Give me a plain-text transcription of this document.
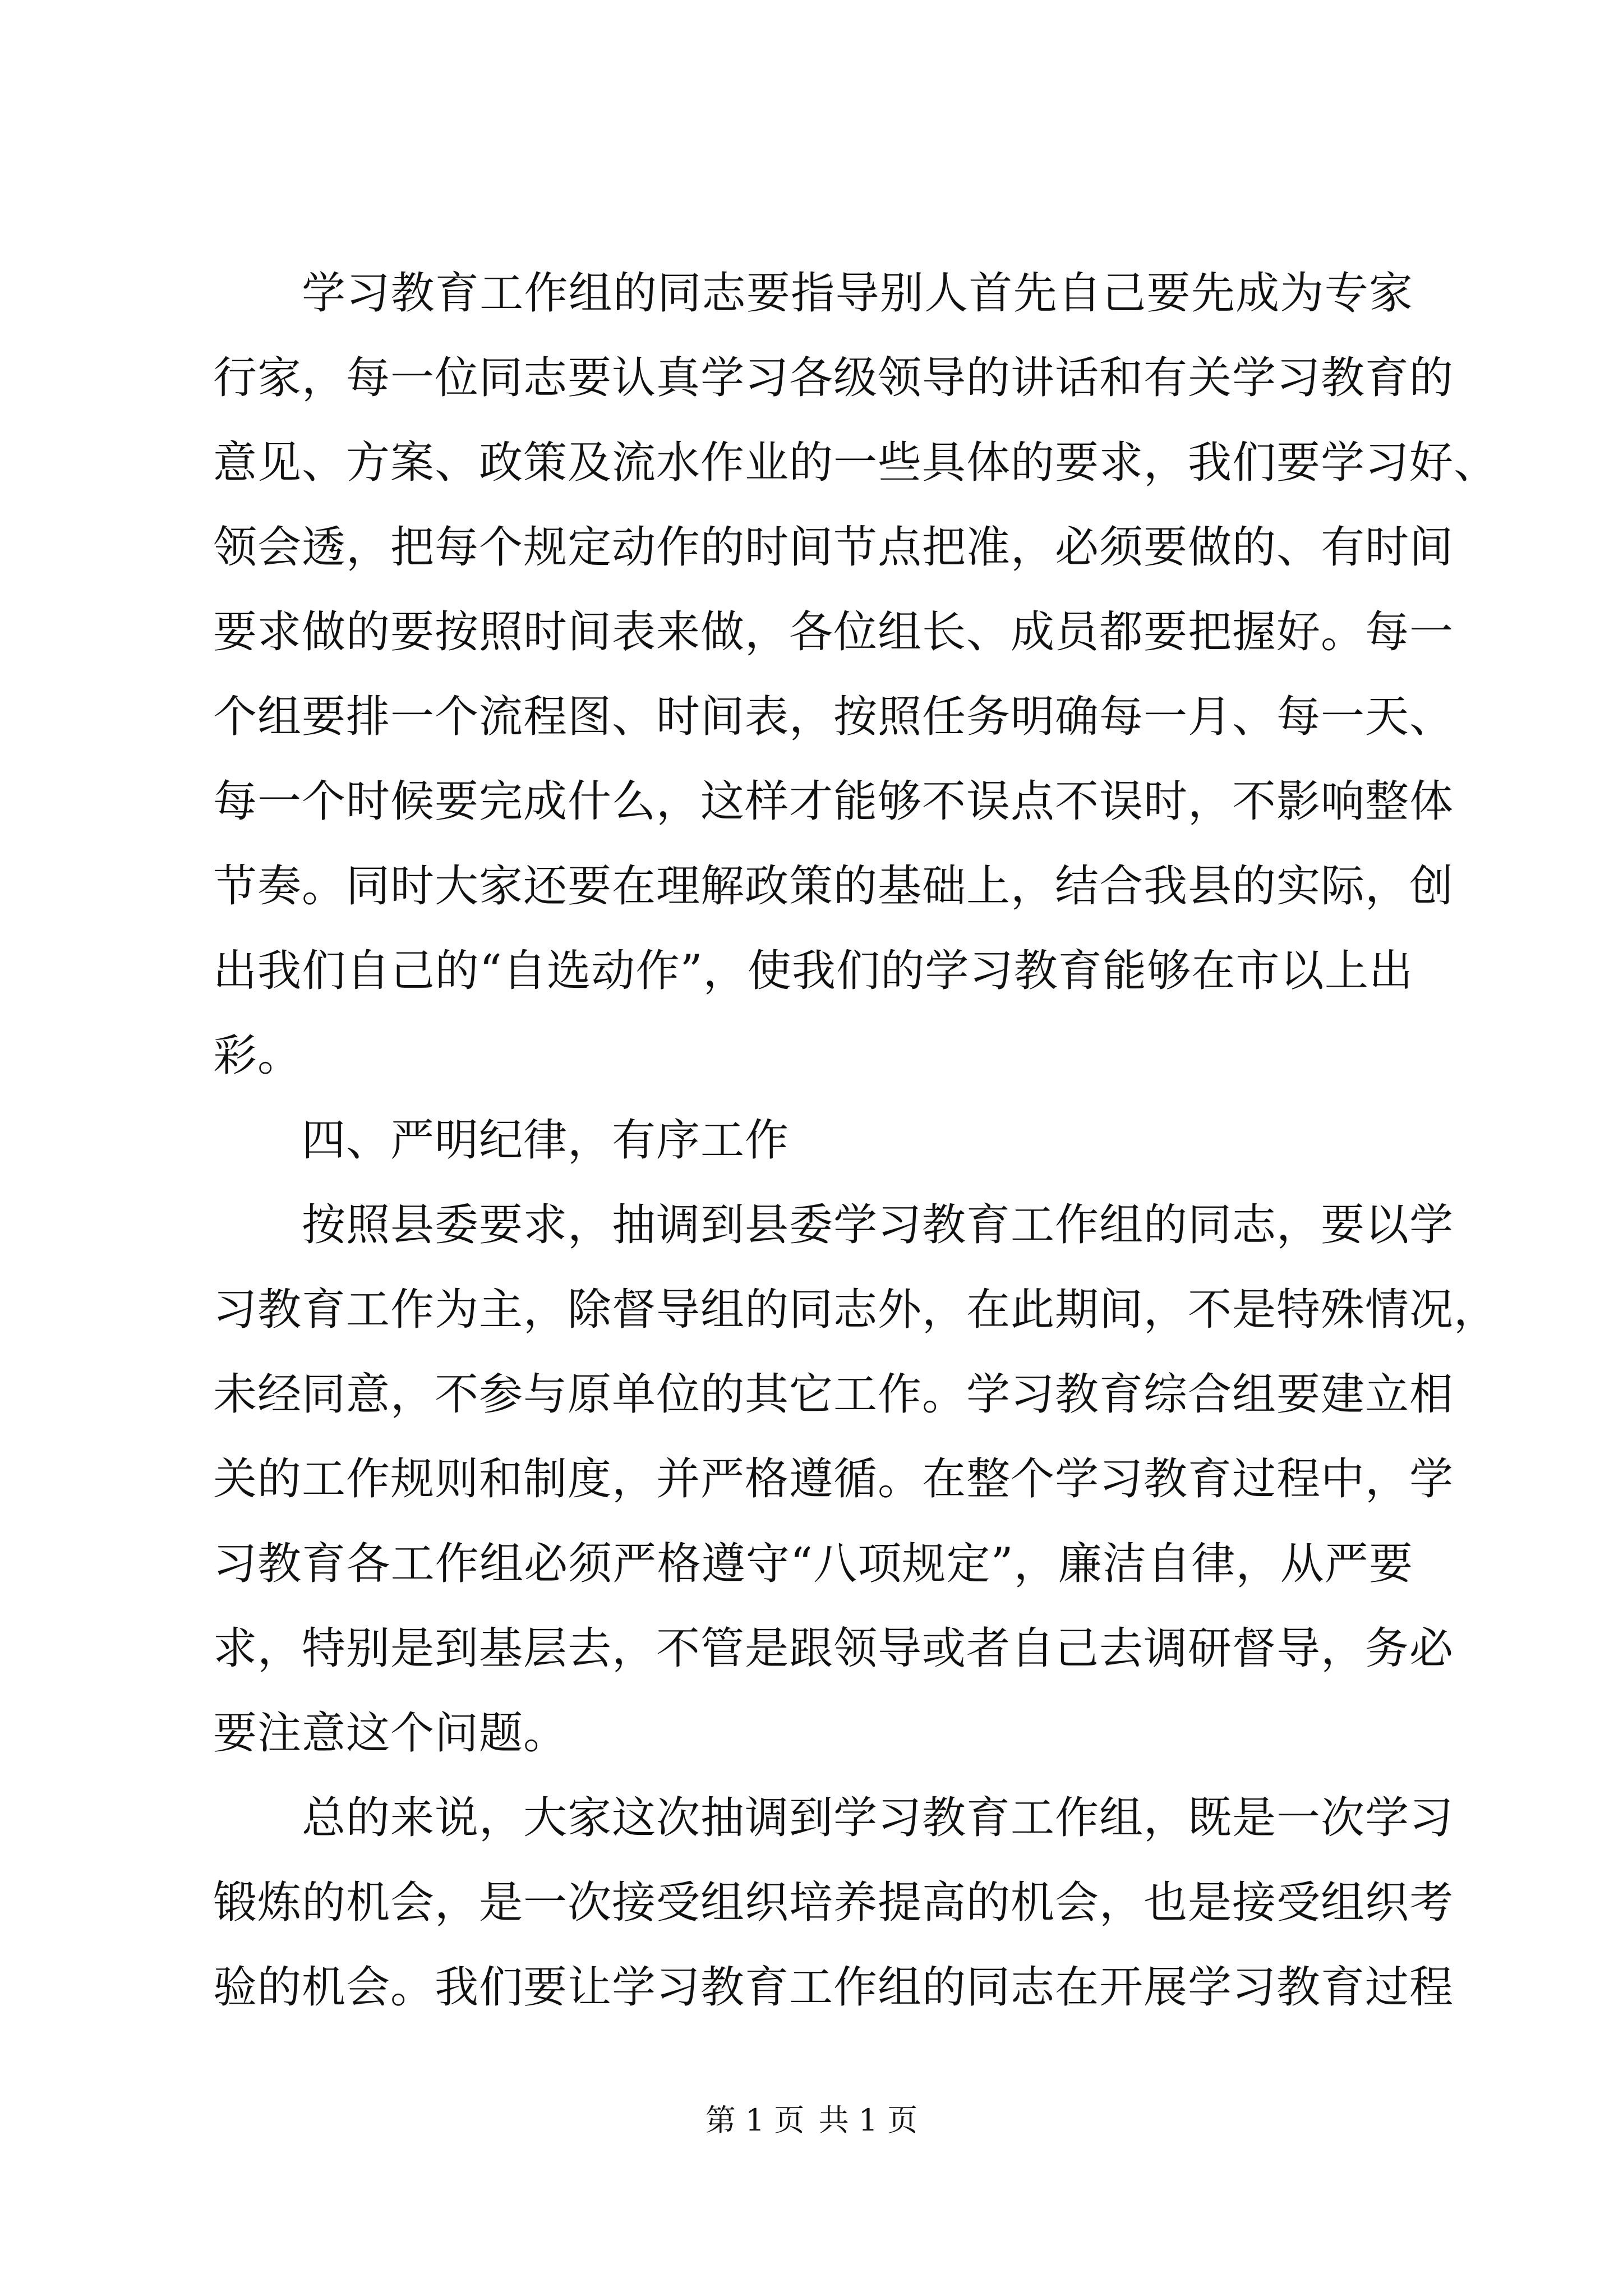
学习教育工作组的同志要指导别人首先自己要先成为专家
行家，每一位同志要认真学习各级领导的讲话和有关学习教育的
意见、方案、政策及流水作业的一些具体的要求，我们要学习好、
领会透，把每个规定动作的时间节点把准，必须要做的、有时间
要求做的要按照时间表来做，各位组长、成员都要把握好。每一
个组要排一个流程图、时间表，按照任务明确每一月、每一天、
每一个时候要完成什么，这样才能够不误点不误时，不影响整体
节奏。同时大家还要在理解政策的基础上，结合我县的实际，创
出我们自己的“自选动作”，使我们的学习教育能够在市以上出
彩。
四、严明纪律，有序工作
按照县委要求，抽调到县委学习教育工作组的同志，要以学
习教育工作为主，除督导组的同志外，在此期间，不是特殊情况，
未经同意，不参与原单位的其它工作。学习教育综合组要建立相
关的工作规则和制度，并严格遵循。在整个学习教育过程中，学
习教育各工作组必须严格遵守“八项规定”，廉洁自律，从严要
求，特别是到基层去，不管是跟领导或者自己去调研督导，务必
要注意这个问题。
总的来说，大家这次抽调到学习教育工作组，既是一次学习
锻炼的机会，是一次接受组织培养提高的机会，也是接受组织考
验的机会。我们要让学习教育工作组的同志在开展学习教育过程
第 1 页 共 1 页
